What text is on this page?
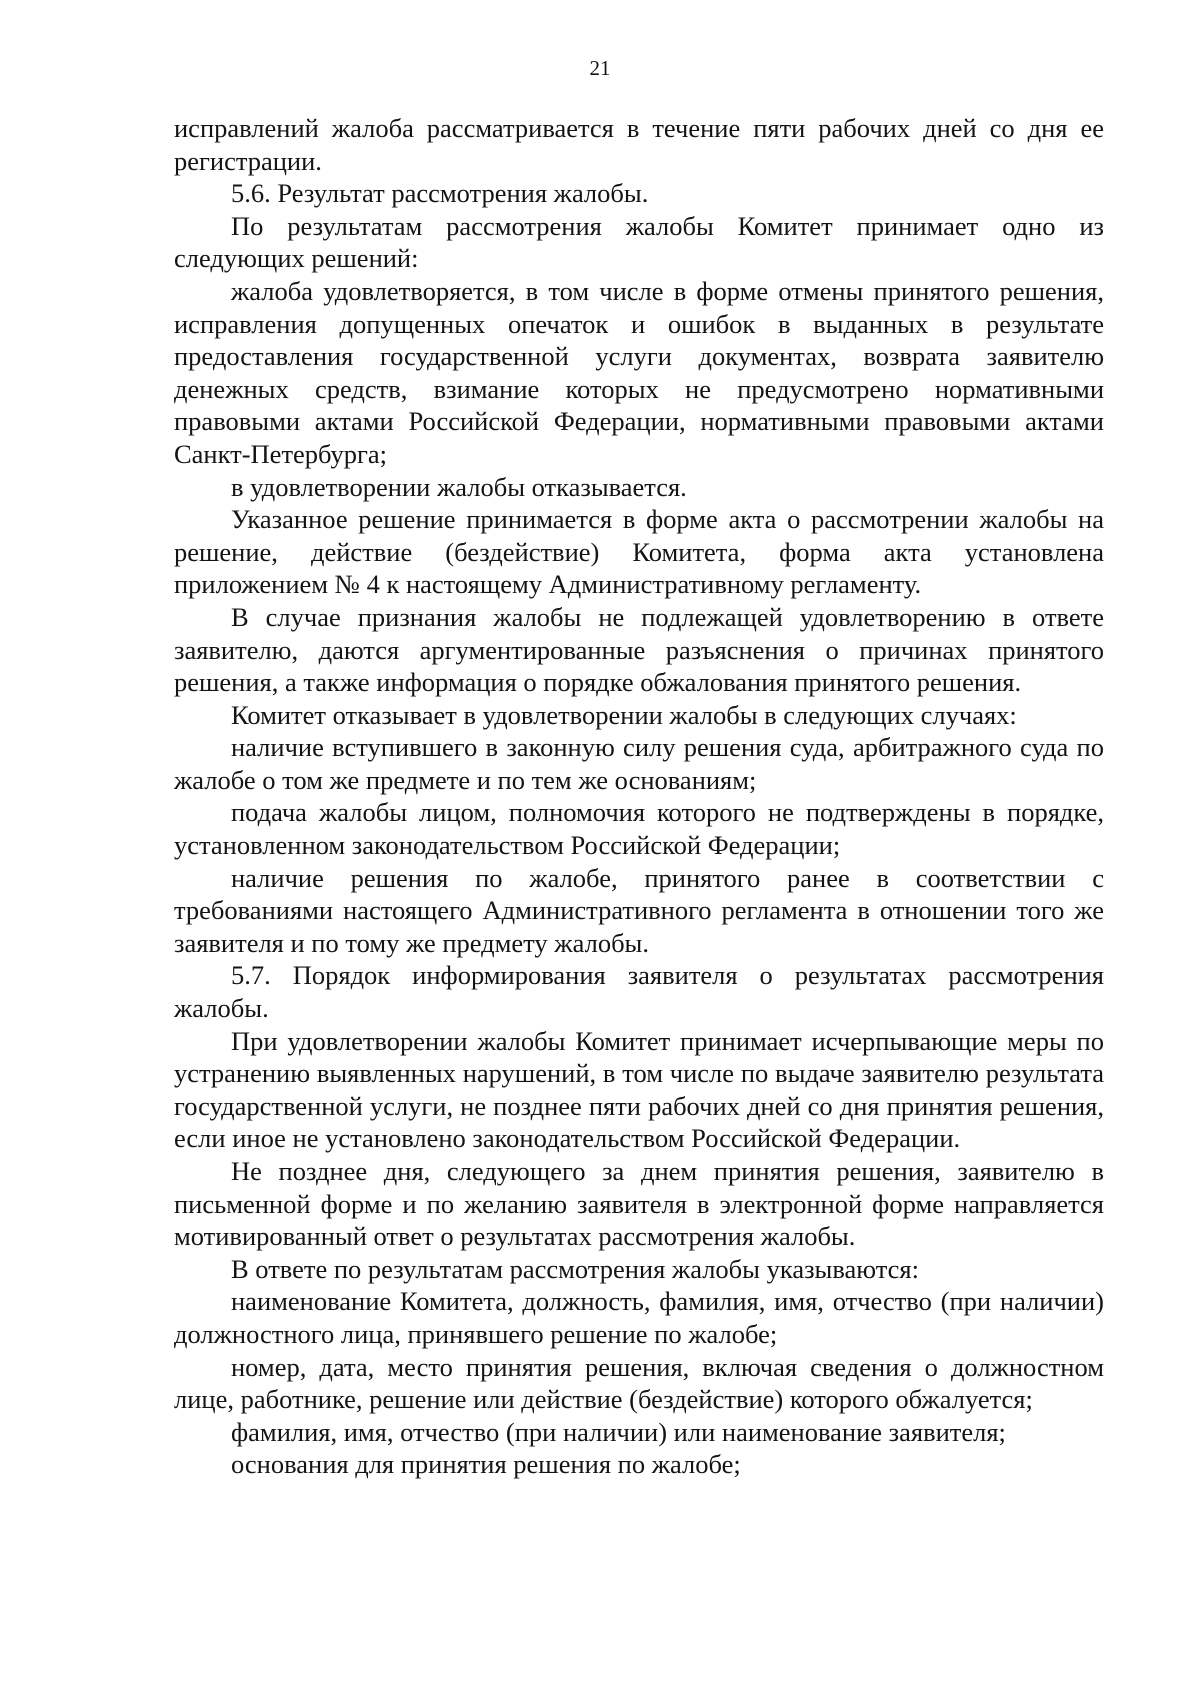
21

исправлений жалоба рассматривается в течение пяти рабочих дней со дня ее регистрации.

5.6. Результат рассмотрения жалобы.

По результатам рассмотрения жалобы Комитет принимает одно из следующих решений:

жалоба удовлетворяется, в том числе в форме отмены принятого решения, исправления допущенных опечаток и ошибок в выданных в результате предоставления государственной услуги документах, возврата заявителю денежных средств, взимание которых не предусмотрено нормативными правовыми актами Российской Федерации, нормативными правовыми актами Санкт-Петербурга;

в удовлетворении жалобы отказывается.

Указанное решение принимается в форме акта о рассмотрении жалобы на решение, действие (бездействие) Комитета, форма акта установлена приложением № 4 к настоящему Административному регламенту.

В случае признания жалобы не подлежащей удовлетворению в ответе заявителю, даются аргументированные разъяснения о причинах принятого решения, а также информация о порядке обжалования принятого решения.

Комитет отказывает в удовлетворении жалобы в следующих случаях:

наличие вступившего в законную силу решения суда, арбитражного суда по жалобе о том же предмете и по тем же основаниям;

подача жалобы лицом, полномочия которого не подтверждены в порядке, установленном законодательством Российской Федерации;

наличие решения по жалобе, принятого ранее в соответствии с требованиями настоящего Административного регламента в отношении того же заявителя и по тому же предмету жалобы.

5.7. Порядок информирования заявителя о результатах рассмотрения жалобы.

При удовлетворении жалобы Комитет принимает исчерпывающие меры по устранению выявленных нарушений, в том числе по выдаче заявителю результата государственной услуги, не позднее пяти рабочих дней со дня принятия решения, если иное не установлено законодательством Российской Федерации.

Не позднее дня, следующего за днем принятия решения, заявителю в письменной форме и по желанию заявителя в электронной форме направляется мотивированный ответ о результатах рассмотрения жалобы.

В ответе по результатам рассмотрения жалобы указываются:

наименование Комитета, должность, фамилия, имя, отчество (при наличии) должностного лица, принявшего решение по жалобе;

номер, дата, место принятия решения, включая сведения о должностном лице, работнике, решение или действие (бездействие) которого обжалуется;

фамилия, имя, отчество (при наличии) или наименование заявителя;

основания для принятия решения по жалобе;
